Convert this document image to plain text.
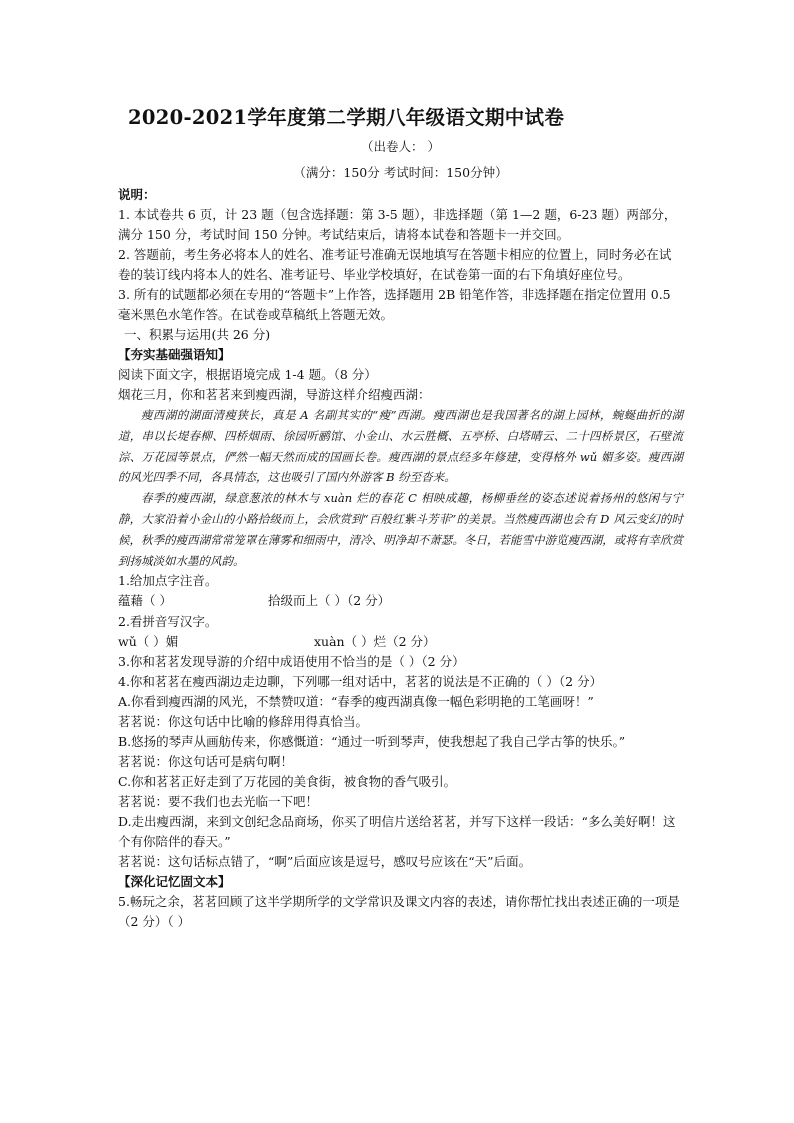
2020-2021学年度第二学期八年级语文期中试卷
（出卷人： ）
（满分：150分 考试时间：150分钟）
说明：

1. 本试卷共 6 页，计 23 题（包含选择题：第 3-5 题），非选择题（第 1—2 题，6-23 题）两部分，满分 150 分，考试时间 150 分钟。考试结束后，请将本试卷和答题卡一并交回。

2. 答题前，考生务必将本人的姓名、准考证号准确无误地填写在答题卡相应的位置上，同时务必在试卷的装订线内将本人的姓名、准考证号、毕业学校填好，在试卷第一面的右下角填好座位号。

3. 所有的试题都必须在专用的“答题卡”上作答，选择题用 2B 铅笔作答，非选择题在指定位置用 0.5 毫米黑色水笔作答。在试卷或草稿纸上答题无效。

一、积累与运用(共 26 分)
【夯实基础强语知】
阅读下面文字，根据语境完成 1-4 题。（8 分）
烟花三月，你和茗茗来到瘦西湖，导游这样介绍瘦西湖：

瘦西湖的湖面清瘦狭长，真是 A 名副其实的“瘦”西湖。瘦西湖也是我国著名的湖上园林，蜿蜒曲折的湖道，串以长堤春柳、四桥烟雨、徐园听鹂馆、小金山、水云胜概、五亭桥、白塔晴云、二十四桥景区，石壁流淙、万花园等景点，俨然一幅天然而成的国画长卷。瘦西湖的景点经多年修建，变得格外 wǔ 媚多姿。瘦西湖的风光四季不同，各具情态，这也吸引了国内外游客 B 纷至沓来。

春季的瘦西湖，绿意葱浓的林木与 xuàn 烂的春花 C 相映成趣，杨柳垂丝的姿态述说着扬州的悠闲与宁静，大家沿着小金山的小路拾级而上，会欣赏到“百般红紫斗芳菲”的美景。当然瘦西湖也会有 D 风云变幻的时候，秋季的瘦西湖常常笼罩在薄雾和细雨中，清冷、明净却不萧瑟。冬日，若能雪中游览瘦西湖，或将有幸欣赏到扬城淡如水墨的风韵。

1.给加点字注音。
蕴藉（ ）	拾级而上（ ）（2 分）
2.看拼音写汉字。
wǔ（ ）媚	xuàn（ ）烂（2 分）
3.你和茗茗发现导游的介绍中成语使用不恰当的是（ ）（2 分）
4.你和茗茗在瘦西湖边走边聊，下列哪一组对话中，茗茗的说法是不正确的（ ）（2 分）
A.你看到瘦西湖的风光，不禁赞叹道：“春季的瘦西湖真像一幅色彩明艳的工笔画呀！”
茗茗说：你这句话中比喻的修辞用得真恰当。
B.悠扬的琴声从画舫传来，你感慨道：“通过一听到琴声，使我想起了我自己学古筝的快乐。”
茗茗说：你这句话可是病句啊！
C.你和茗茗正好走到了万花园的美食街，被食物的香气吸引。
茗茗说：要不我们也去光临一下吧！
D.走出瘦西湖，来到文创纪念品商场，你买了明信片送给茗茗，并写下这样一段话：“多么美好啊！这个有你陪伴的春天。”
茗茗说：这句话标点错了，“啊”后面应该是逗号，感叹号应该在“天”后面。
【深化记忆固文本】
5.畅玩之余，茗茗回顾了这半学期所学的文学常识及课文内容的表述，请你帮忙找出表述正确的一项是（2 分）（ ）
